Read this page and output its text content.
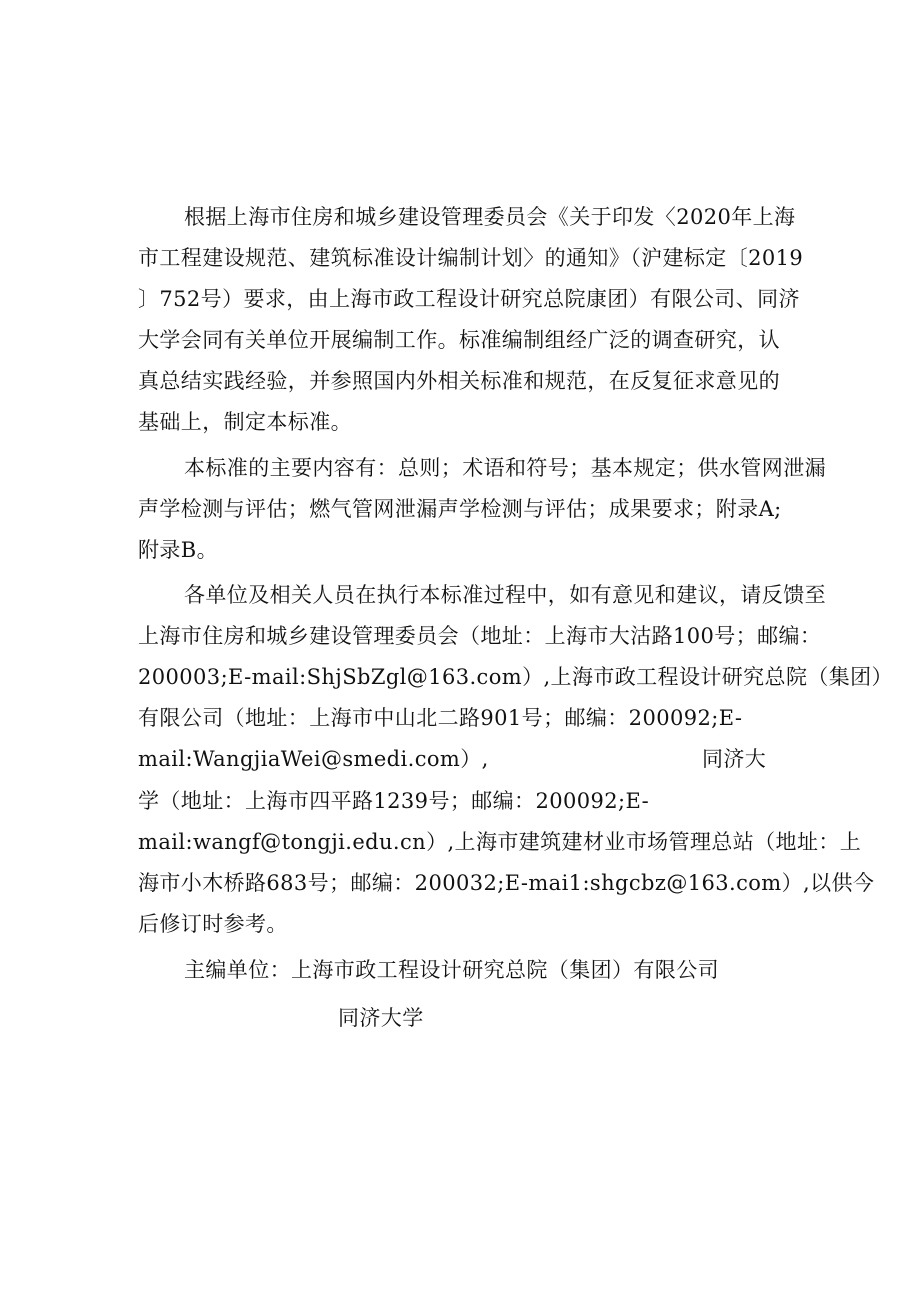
根据上海市住房和城乡建设管理委员会《关于印发〈2020年上海
市工程建设规范、建筑标准设计编制计划〉的通知》（沪建标定〔2019
〕752号）要求，由上海市政工程设计研究总院康团）有限公司、同济
大学会同有关单位开展编制工作。标准编制组经广泛的调查研究，认
真总结实践经验，并参照国内外相关标准和规范，在反复征求意见的
基础上，制定本标准。
本标准的主要内容有：总则；术语和符号；基本规定；供水管网泄漏
声学检测与评估；燃气管网泄漏声学检测与评估；成果要求；附录A;
附录B。
各单位及相关人员在执行本标准过程中，如有意见和建议，请反馈至
上海市住房和城乡建设管理委员会（地址：上海市大沽路100号；邮编：
200003;E-mail:ShjSbZgl@163.com）,上海市政工程设计研究总院（集团）
有限公司（地址：上海市中山北二路901号；邮编：200092;E-
mail:WangjiaWei@smedi.com）,	同济大
学（地址：上海市四平路1239号；邮编：200092;E-
mail:wangf@tongji.edu.cn）,上海市建筑建材业市场管理总站（地址：上
海市小木桥路683号；邮编：200032;E-mai1:shgcbz@163.com）,以供今
后修订时参考。
主编单位：上海市政工程设计研究总院（集团）有限公司
同济大学
